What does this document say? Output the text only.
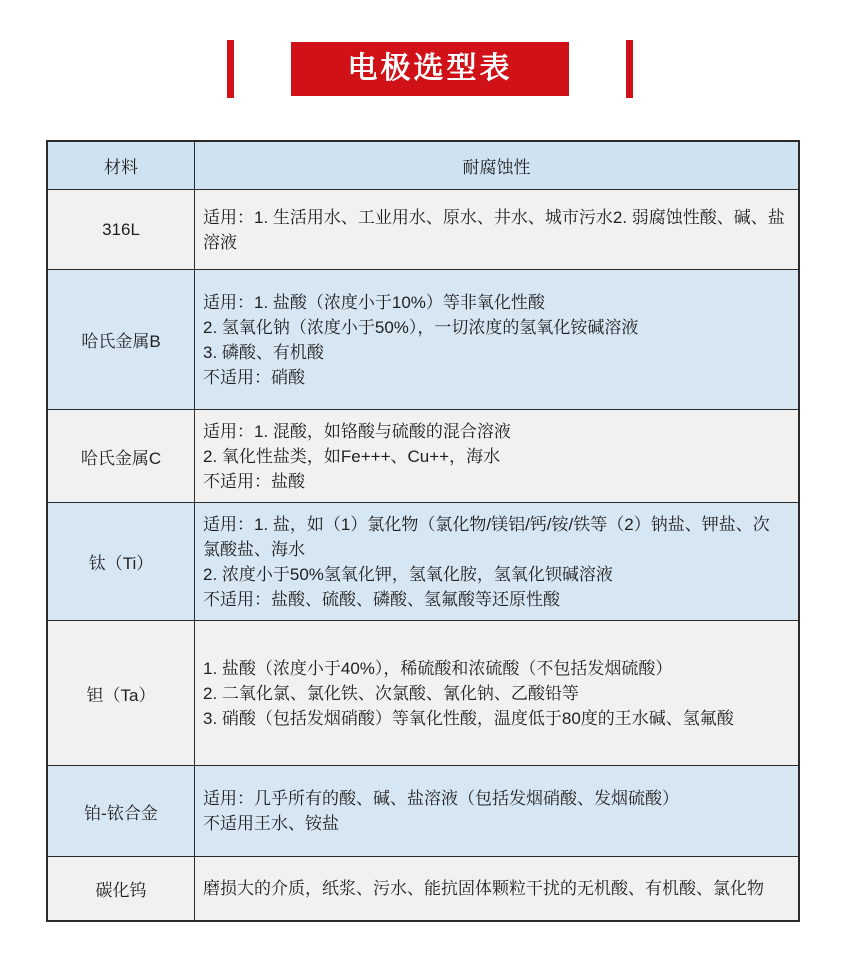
电极选型表
材料	耐腐蚀性
316L	适用：1. 生活用水、工业用水、原水、井水、城市污水2. 弱腐蚀性酸、碱、盐溶液

哈氏金属B	适用：1. 盐酸（浓度小于10%）等非氧化性酸
2. 氢氧化钠（浓度小于50%），一切浓度的氢氧化铵碱溶液
3. 磷酸、有机酸
不适用：硝酸

哈氏金属C	适用：1. 混酸，如铬酸与硫酸的混合溶液
2. 氧化性盐类，如Fe+++、Cu++，海水
不适用：盐酸

钛（Ti）	适用：1. 盐，如（1）氯化物（氯化物/镁铝/钙/铵/铁等（2）钠盐、钾盐、次氯酸盐、海水
2. 浓度小于50%氢氧化钾，氢氧化胺，氢氧化钡碱溶液
不适用：盐酸、硫酸、磷酸、氢氟酸等还原性酸

钽（Ta）	1. 盐酸（浓度小于40%），稀硫酸和浓硫酸（不包括发烟硫酸）
2. 二氧化氯、氯化铁、次氯酸、氰化钠、乙酸铅等
3. 硝酸（包括发烟硝酸）等氧化性酸，温度低于80度的王水碱、氢氟酸

铂-铱合金	适用：几乎所有的酸、碱、盐溶液（包括发烟硝酸、发烟硫酸）
不适用王水、铵盐

碳化钨	磨损大的介质，纸浆、污水、能抗固体颗粒干扰的无机酸、有机酸、氯化物
